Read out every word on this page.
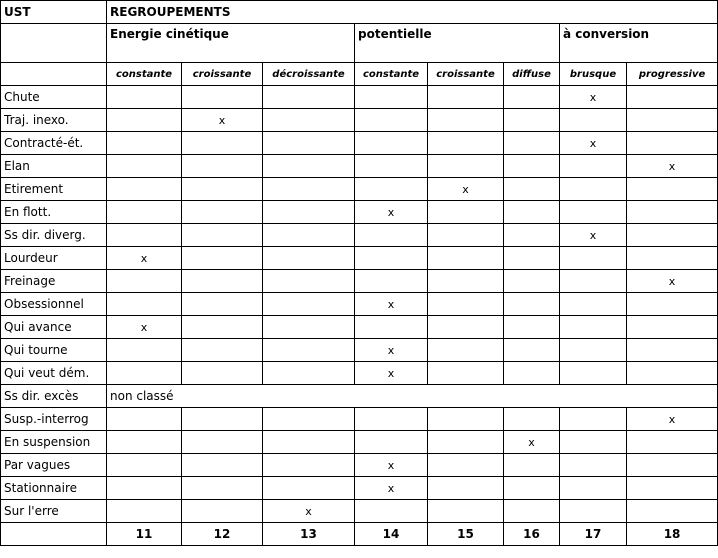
UST	REGROUPEMENTS							
	Energie cinétique			potentielle			à conversion	
	constante	croissante	décroissante	constante	croissante	diffuse	brusque	progressive
Chute							x	
Traj. inexo.		x						
Contracté-ét.							x	
Elan								x
Etirement					x			
En flott.				x				
Ss dir. diverg.							x	
Lourdeur	x							
Freinage								x
Obsessionnel				x				
Qui avance	x							
Qui tourne				x				
Qui veut dém.				x				
Ss dir. excès	non classé							
Susp.-interrog								x
En suspension						x		
Par vagues				x				
Stationnaire				x				
Sur l'erre			x					
	11	12	13	14	15	16	17	18
